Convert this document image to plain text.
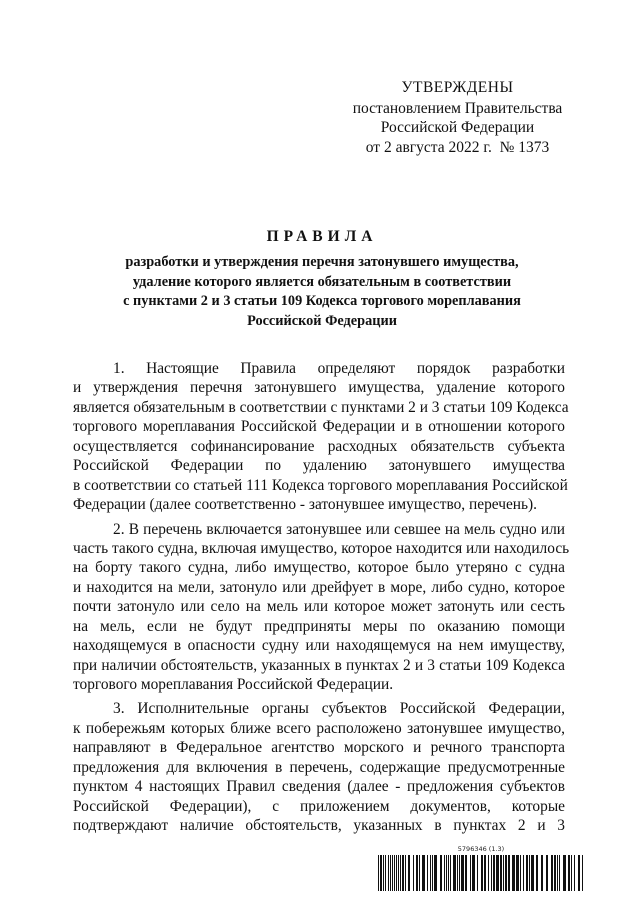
УТВЕРЖДЕНЫ
постановлением Правительства
Российской Федерации
от 2 августа 2022 г.  № 1373
ПРАВИЛА
разработки и утверждения перечня затонувшего имущества,
удаление которого является обязательным в соответствии
с пунктами 2 и 3 статьи 109 Кодекса торгового мореплавания
Российской Федерации
1. Настоящие Правила определяют порядок разработки
и утверждения перечня затонувшего имущества, удаление которого
является обязательным в соответствии с пунктами 2 и 3 статьи 109 Кодекса
торгового мореплавания Российской Федерации и в отношении которого
осуществляется софинансирование расходных обязательств субъекта
Российской Федерации по удалению затонувшего имущества
в соответствии со статьей 111 Кодекса торгового мореплавания Российской
Федерации (далее соответственно - затонувшее имущество, перечень).
2. В перечень включается затонувшее или севшее на мель судно или
часть такого судна, включая имущество, которое находится или находилось
на борту такого судна, либо имущество, которое было утеряно с судна
и находится на мели, затонуло или дрейфует в море, либо судно, которое
почти затонуло или село на мель или которое может затонуть или сесть
на мель, если не будут предприняты меры по оказанию помощи
находящемуся в опасности судну или находящемуся на нем имуществу,
при наличии обстоятельств, указанных в пунктах 2 и 3 статьи 109 Кодекса
торгового мореплавания Российской Федерации.
3. Исполнительные органы субъектов Российской Федерации,
к побережьям которых ближе всего расположено затонувшее имущество,
направляют в Федеральное агентство морского и речного транспорта
предложения для включения в перечень, содержащие предусмотренные
пунктом 4 настоящих Правил сведения (далее - предложения субъектов
Российской Федерации), с приложением документов, которые
подтверждают наличие обстоятельств, указанных в пунктах 2 и 3
5796346 (1.3)
